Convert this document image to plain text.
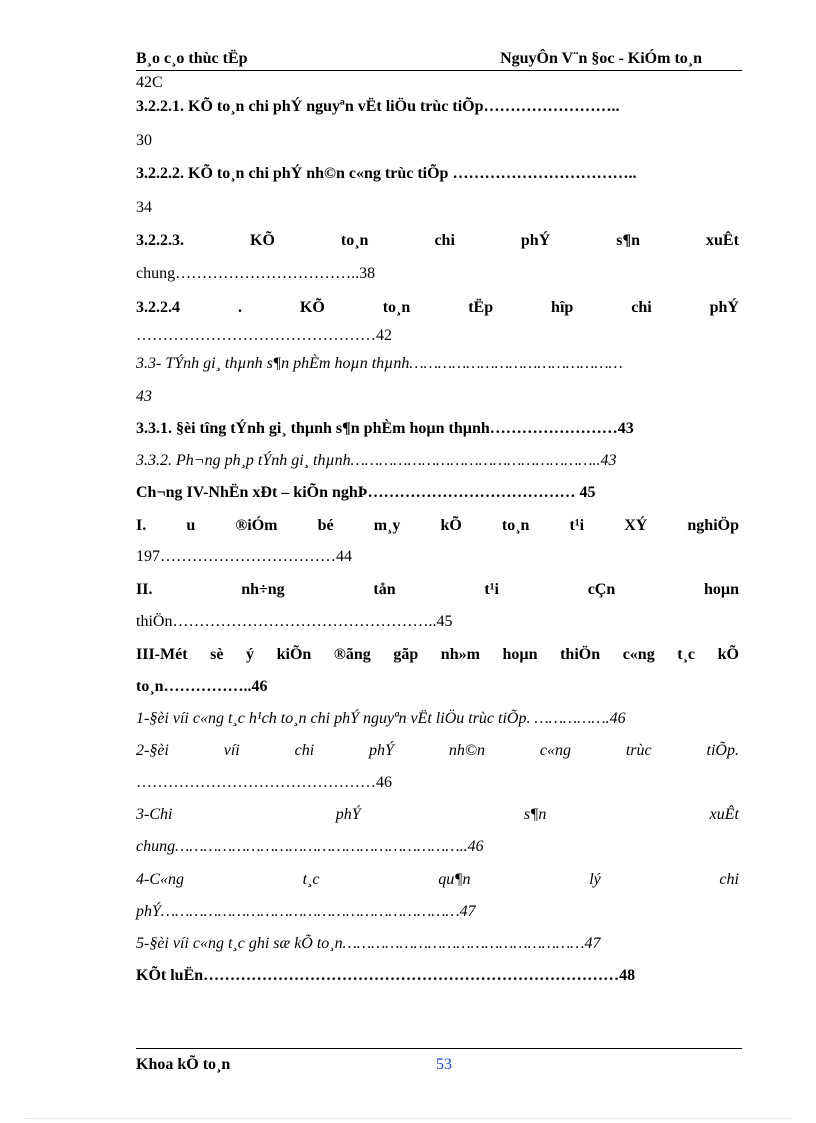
B¸o c¸o thùc tËp	NguyÔn V¨n §oc - KiÓm to¸n
42C
3.2.2.1. KÕ to¸n chi phÝ nguyªn vËt liÖu trùc tiÕp……………………..
30
3.2.2.2. KÕ to¸n chi phÝ nh©n c«ng trùc tiÕp ……………………………..
34
3.2.2.3.	KÕ	to¸n	chi	phÝ	s¶n	xuÊt
chung……………………………..38
3.2.2.4	.	KÕ	to¸n	tËp	hîp	chi	phÝ
………………………………………42
3.3- TÝnh gi¸ thµnh s¶n phÈm hoµn thµnh………………………………………
43
3.3.1. §èi tîng tÝnh gi¸ thµnh s¶n phÈm hoµn thµnh……………………43
3.3.2. Ph¬ng ph¸p tÝnh gi¸ thµnh……………………………………………..43
Ch¬ng IV-NhËn xÐt – kiÕn nghÞ………………………………… 45
I.	u	®iÓm	bé	m¸y	kÕ	to¸n	t¹i	XÝ	nghiÖp
197……………………………44
II.	nh÷ng	tån	t¹i	cÇn	hoµn
thiÖn…………………………………………..45
III-Mét sè ý kiÕn ®ãng gãp nh»m hoµn thiÖn c«ng t¸c kÕ
to¸n……………..46
1-§èi víi c«ng t¸c h¹ch to¸n chi phÝ nguyªn vËt liÖu trùc tiÕp. …………….46
2-§èi	víi	chi	phÝ	nh©n	c«ng	trùc	tiÕp.
………………………………………46
3-Chi	phÝ	s¶n	xuÊt
chung……………………………………………………..46
4-C«ng	t¸c	qu¶n	lý	chi
phÝ………………………………………………………47
5-§èi víi c«ng t¸c ghi sæ kÕ to¸n……………………………………………47
KÕt luËn……………………………………………………………………48
Khoa kÕ to¸n	53
